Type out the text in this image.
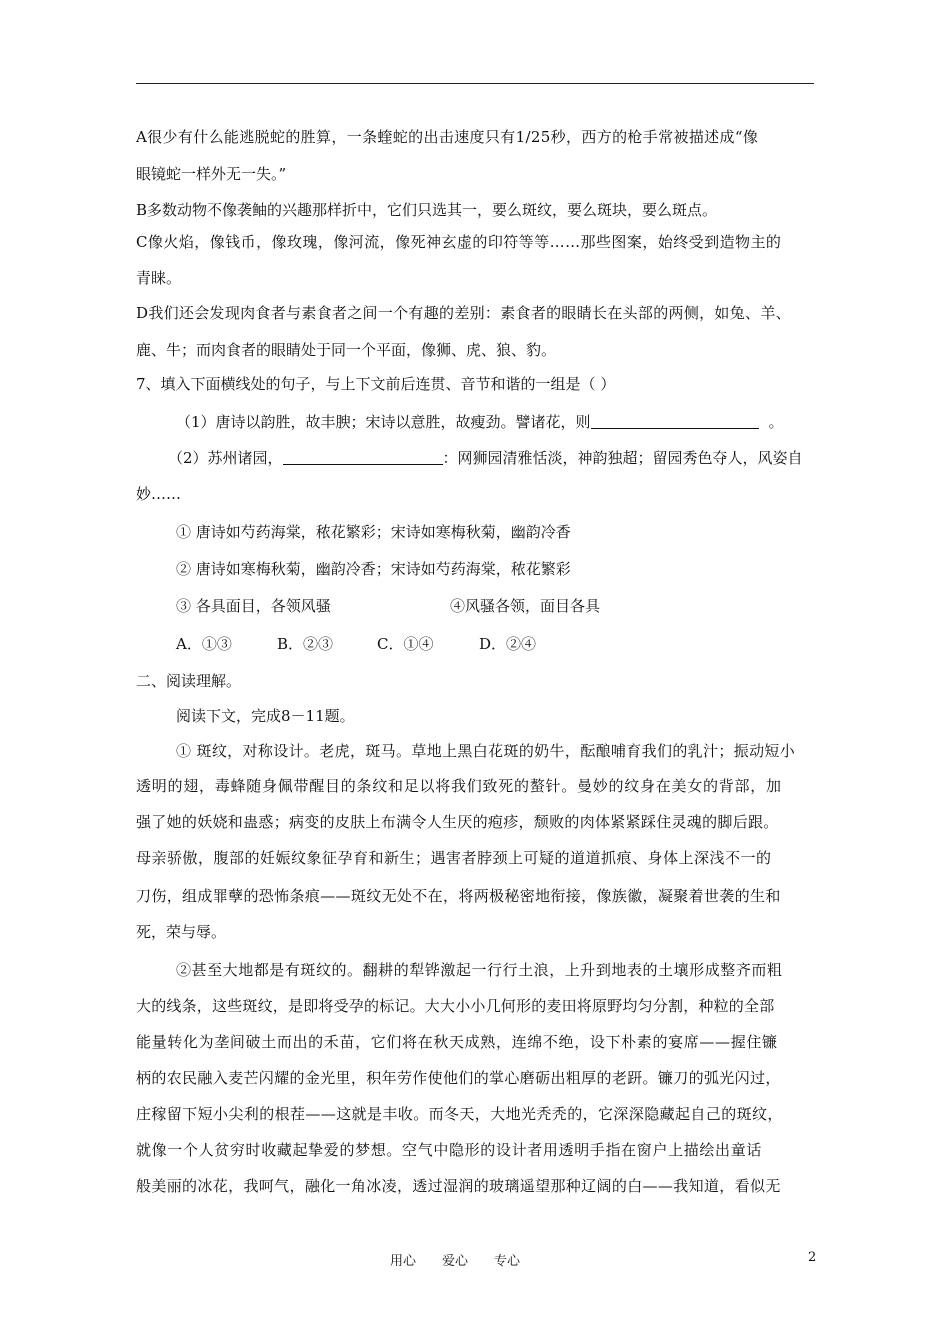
A很少有什么能逃脱蛇的胜算，一条蝰蛇的出击速度只有1/25秒，西方的枪手常被描述成“像
眼镜蛇一样外无一失。”
B多数动物不像袭鲉的兴趣那样折中，它们只选其一，要么斑纹，要么斑块，要么斑点。
C像火焰，像钱币，像玫瑰，像河流，像死神玄虚的印符等等……那些图案，始终受到造物主的
青睐。
D我们还会发现肉食者与素食者之间一个有趣的差别：素食者的眼睛长在头部的两侧，如兔、羊、
鹿、牛；而肉食者的眼睛处于同一个平面，像狮、虎、狼、豹。
7、填入下面横线处的句子，与上下文前后连贯、音节和谐的一组是（ ）
（1）唐诗以韵胜，故丰腴；宋诗以意胜，故瘦劲。譬诸花，则	。
（2）苏州诸园，	：网狮园清雅恬淡，神韵独超；留园秀色夺人，风姿自
妙……
① 唐诗如芍药海棠，秾花繁彩；宋诗如寒梅秋菊，幽韵冷香
② 唐诗如寒梅秋菊，幽韵冷香；宋诗如芍药海棠，秾花繁彩
③ 各具面目，各领风骚	④风骚各领，面目各具
A．①③	B．②③	C．①④	D．②④
二、阅读理解。
阅读下文，完成8－11题。
① 斑纹，对称设计。老虎，斑马。草地上黑白花斑的奶牛，酝酿哺育我们的乳汁；振动短小
透明的翅，毒蜂随身佩带醒目的条纹和足以将我们致死的螯针。曼妙的纹身在美女的背部，加
强了她的妖娆和蛊惑；病变的皮肤上布满令人生厌的疱疹，颓败的肉体紧紧踩住灵魂的脚后跟。
母亲骄傲，腹部的妊娠纹象征孕育和新生；遇害者脖颈上可疑的道道抓痕、身体上深浅不一的
刀伤，组成罪孽的恐怖条痕——斑纹无处不在，将两极秘密地衔接，像族徽，凝聚着世袭的生和
死，荣与辱。
②甚至大地都是有斑纹的。翻耕的犁铧激起一行行土浪，上升到地表的土壤形成整齐而粗
大的线条，这些斑纹，是即将受孕的标记。大大小小几何形的麦田将原野均匀分割，种粒的全部
能量转化为垄间破土而出的禾苗，它们将在秋天成熟，连绵不绝，设下朴素的宴席——握住镰
柄的农民融入麦芒闪耀的金光里，积年劳作使他们的掌心磨砺出粗厚的老趼。镰刀的弧光闪过，
庄稼留下短小尖利的根茬——这就是丰收。而冬天，大地光秃秃的，它深深隐藏起自己的斑纹，
就像一个人贫穷时收藏起挚爱的梦想。空气中隐形的设计者用透明手指在窗户上描绘出童话
般美丽的冰花，我呵气，融化一角冰凌，透过湿润的玻璃遥望那种辽阔的白——我知道，看似无
用心　　爱心　　专心	2
